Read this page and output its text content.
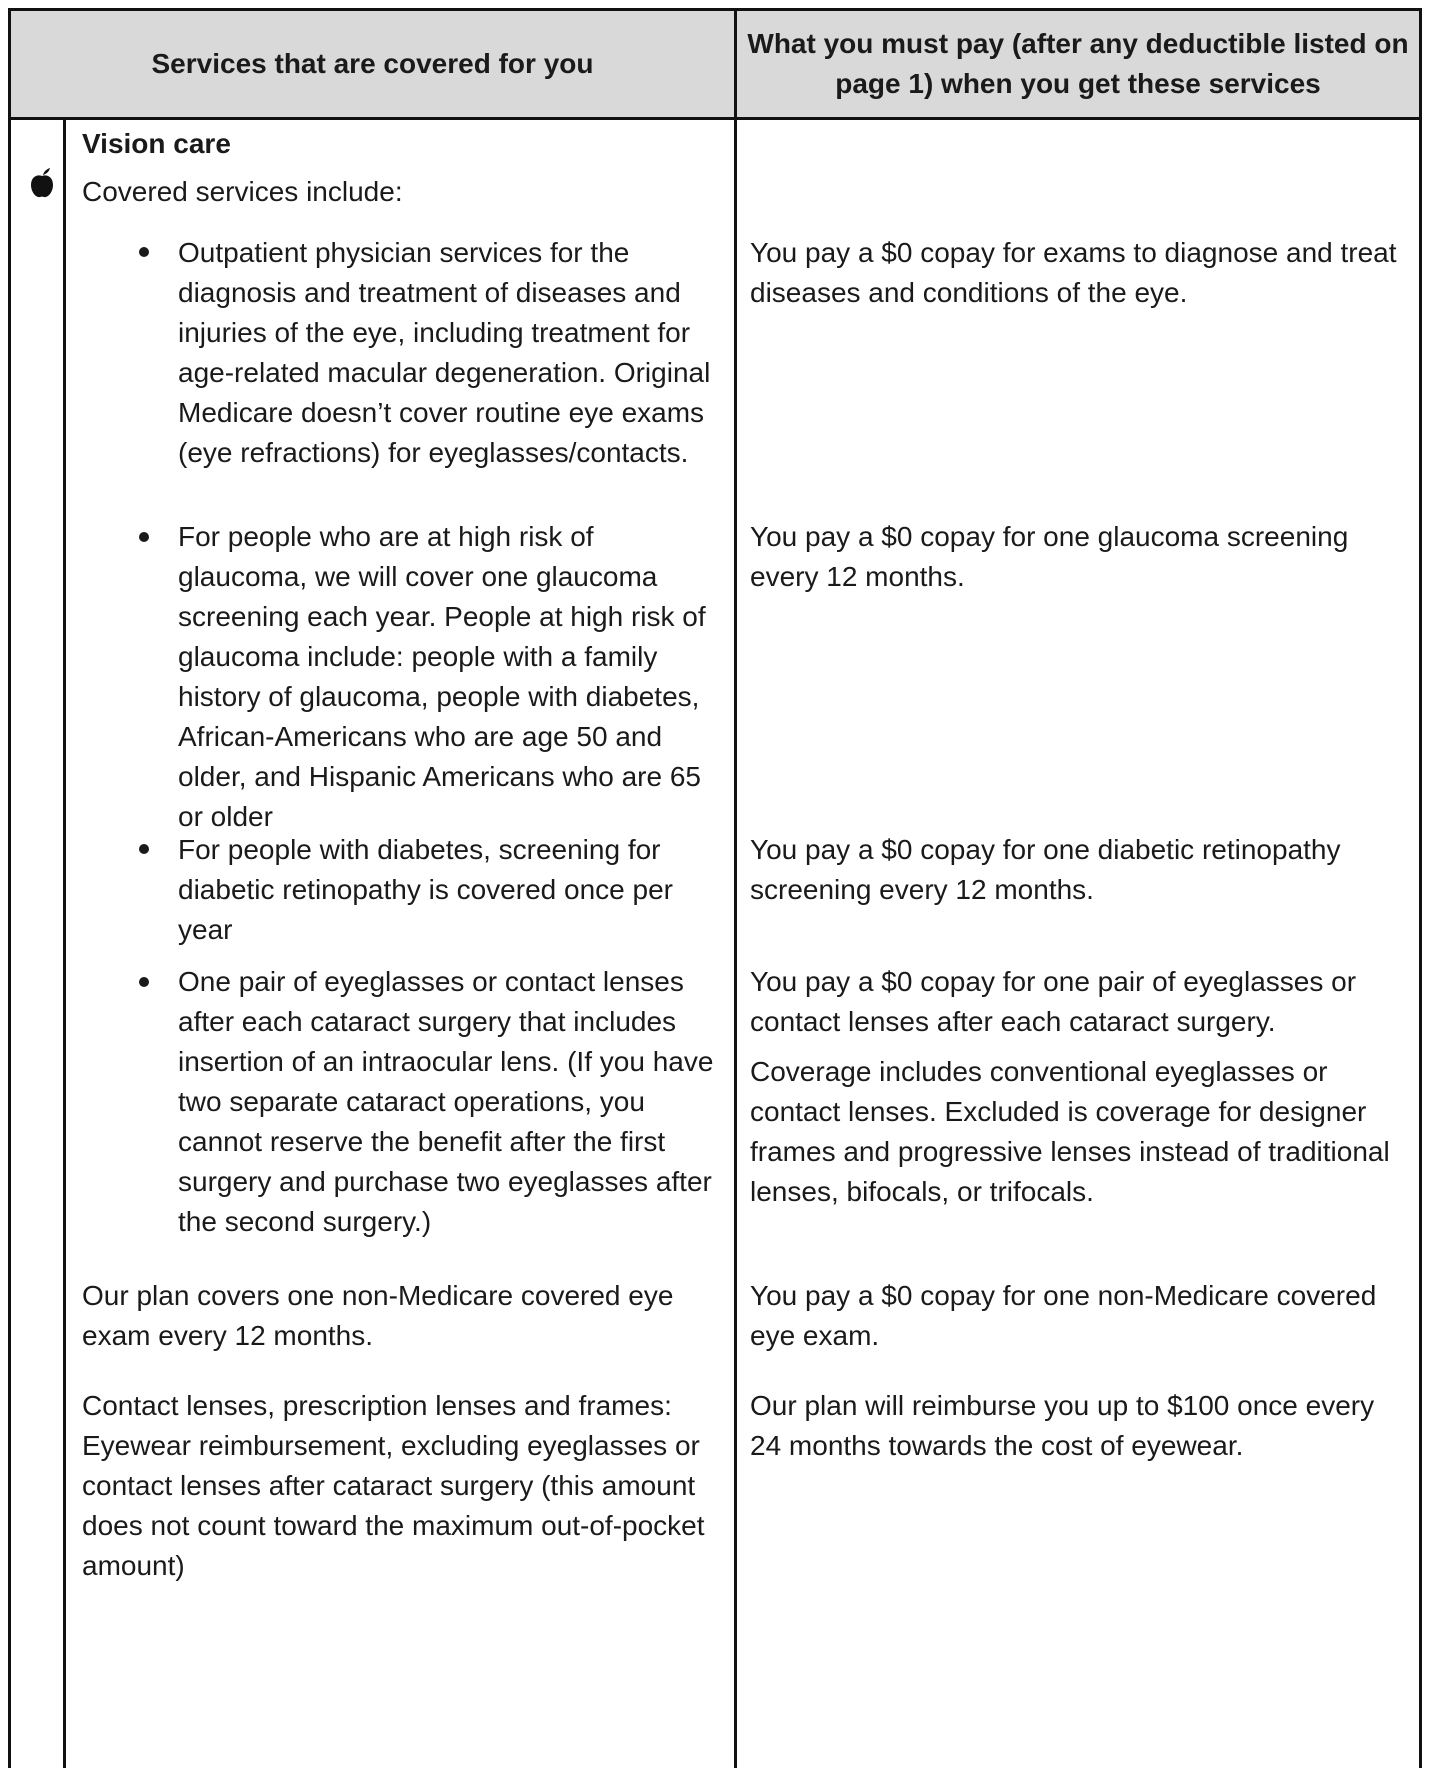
Services that are covered for you
What you must pay (after any deductible listed on page 1) when you get these services

Vision care

Covered services include:

Outpatient physician services for the diagnosis and treatment of diseases and injuries of the eye, including treatment for age-related macular degeneration. Original Medicare doesn’t cover routine eye exams (eye refractions) for eyeglasses/contacts.

You pay a $0 copay for exams to diagnose and treat diseases and conditions of the eye.

For people who are at high risk of glaucoma, we will cover one glaucoma screening each year. People at high risk of glaucoma include: people with a family history of glaucoma, people with diabetes, African-Americans who are age 50 and older, and Hispanic Americans who are 65 or older

You pay a $0 copay for one glaucoma screening every 12 months.

For people with diabetes, screening for diabetic retinopathy is covered once per year

You pay a $0 copay for one diabetic retinopathy screening every 12 months.

One pair of eyeglasses or contact lenses after each cataract surgery that includes insertion of an intraocular lens. (If you have two separate cataract operations, you cannot reserve the benefit after the first surgery and purchase two eyeglasses after the second surgery.)

You pay a $0 copay for one pair of eyeglasses or contact lenses after each cataract surgery.

Coverage includes conventional eyeglasses or contact lenses. Excluded is coverage for designer frames and progressive lenses instead of traditional lenses, bifocals, or trifocals.

Our plan covers one non-Medicare covered eye exam every 12 months.

You pay a $0 copay for one non-Medicare covered eye exam.

Contact lenses, prescription lenses and frames: Eyewear reimbursement, excluding eyeglasses or contact lenses after cataract surgery (this amount does not count toward the maximum out-of-pocket amount)

Our plan will reimburse you up to $100 once every 24 months towards the cost of eyewear.
